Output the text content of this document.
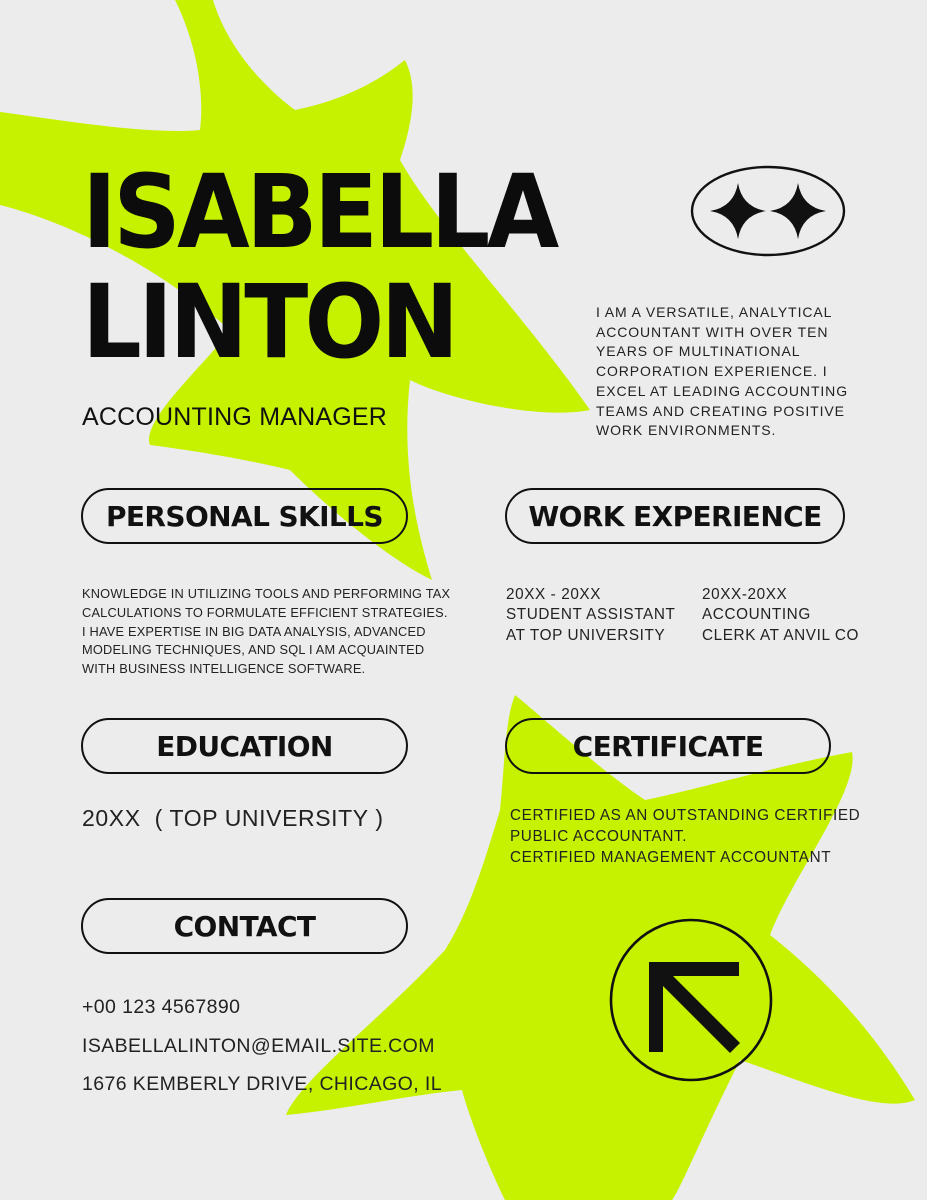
ISABELLA
LINTON
ACCOUNTING MANAGER
I AM A VERSATILE, ANALYTICAL ACCOUNTANT WITH OVER TEN YEARS OF MULTINATIONAL CORPORATION EXPERIENCE. I EXCEL AT LEADING ACCOUNTING TEAMS AND CREATING POSITIVE WORK ENVIRONMENTS.
PERSONAL SKILLS
KNOWLEDGE IN UTILIZING TOOLS AND PERFORMING TAX
CALCULATIONS TO FORMULATE EFFICIENT STRATEGIES.
I HAVE EXPERTISE IN BIG DATA ANALYSIS, ADVANCED
MODELING TECHNIQUES, AND SQL I AM ACQUAINTED
WITH BUSINESS INTELLIGENCE SOFTWARE.
WORK EXPERIENCE
20XX - 20XX
STUDENT ASSISTANT
AT TOP UNIVERSITY
20XX-20XX
ACCOUNTING
CLERK AT ANVIL CO
EDUCATION
20XX  ( TOP UNIVERSITY )
CERTIFICATE
CERTIFIED AS AN OUTSTANDING CERTIFIED
PUBLIC ACCOUNTANT.
CERTIFIED MANAGEMENT ACCOUNTANT
CONTACT
+00 123 4567890
ISABELLALINTON@EMAIL.SITE.COM
1676 KEMBERLY DRIVE, CHICAGO, IL
